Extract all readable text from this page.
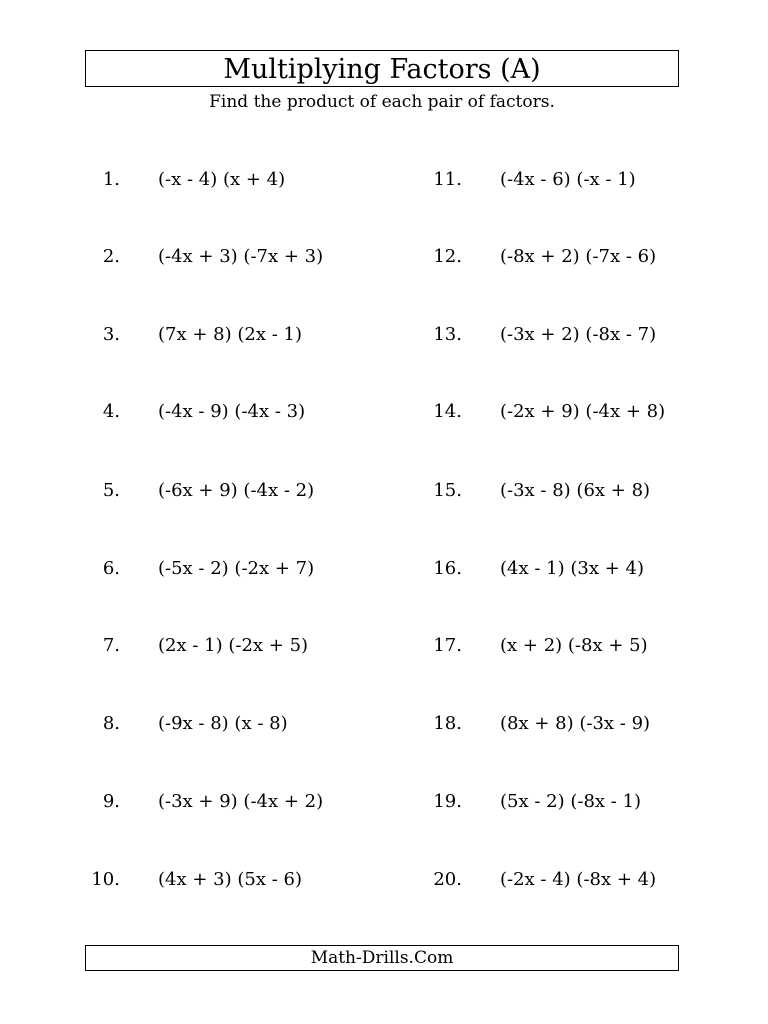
Multiplying Factors (A)
Find the product of each pair of factors.
1. (-x - 4) (x + 4)
2. (-4x + 3) (-7x + 3)
3. (7x + 8) (2x - 1)
4. (-4x - 9) (-4x - 3)
5. (-6x + 9) (-4x - 2)
6. (-5x - 2) (-2x + 7)
7. (2x - 1) (-2x + 5)
8. (-9x - 8) (x - 8)
9. (-3x + 9) (-4x + 2)
10. (4x + 3) (5x - 6)
11. (-4x - 6) (-x - 1)
12. (-8x + 2) (-7x - 6)
13. (-3x + 2) (-8x - 7)
14. (-2x + 9) (-4x + 8)
15. (-3x - 8) (6x + 8)
16. (4x - 1) (3x + 4)
17. (x + 2) (-8x + 5)
18. (8x + 8) (-3x - 9)
19. (5x - 2) (-8x - 1)
20. (-2x - 4) (-8x + 4)
Math-Drills.Com
